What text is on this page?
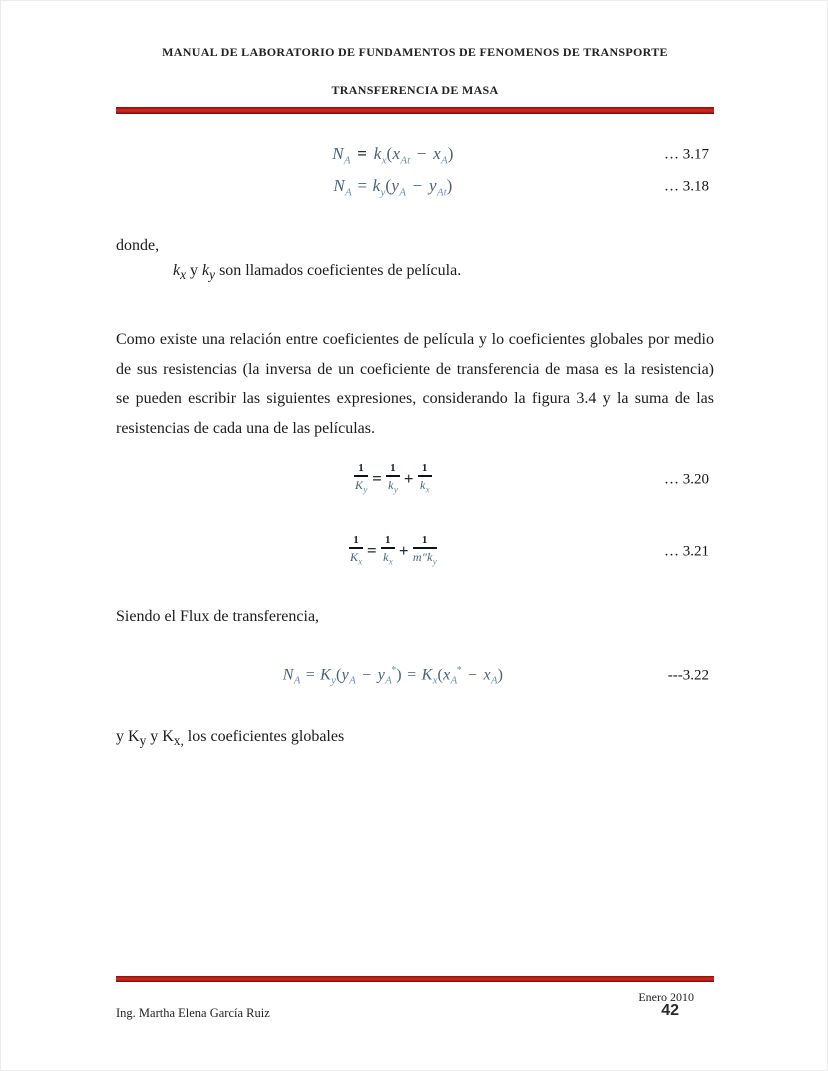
MANUAL DE LABORATORIO DE FUNDAMENTOS DE FENOMENOS DE TRANSPORTE
TRANSFERENCIA DE MASA
$N_A = k_x(x_{At} - x_A)$	… 3.17
$N_A = k_y(y_A - y_{At})$	… 3.18
donde,
$k_x$ y $k_y$ son llamados coeficientes de película.
Como existe una relación entre coeficientes de película y lo coeficientes globales por medio
de sus resistencias (la inversa de un coeficiente de transferencia de masa es la resistencia)
se pueden escribir las siguientes expresiones, considerando la figura 3.4 y la suma de las
resistencias de cada una de las películas.
$\frac{1}{K_y} = \frac{1}{k_y} + \frac{1}{k_x}$	… 3.20
$\frac{1}{K_x} = \frac{1}{k_x} + \frac{1}{m''k_y}$	… 3.21
Siendo el Flux de transferencia,
$N_A = K_y(y_A - y_A^*) = K_x(x_A^* - x_A)$	---3.22
y $K_y$ y $K_{x,}$ los coeficientes globales
Enero 2010
Ing. Martha Elena García Ruiz	42
